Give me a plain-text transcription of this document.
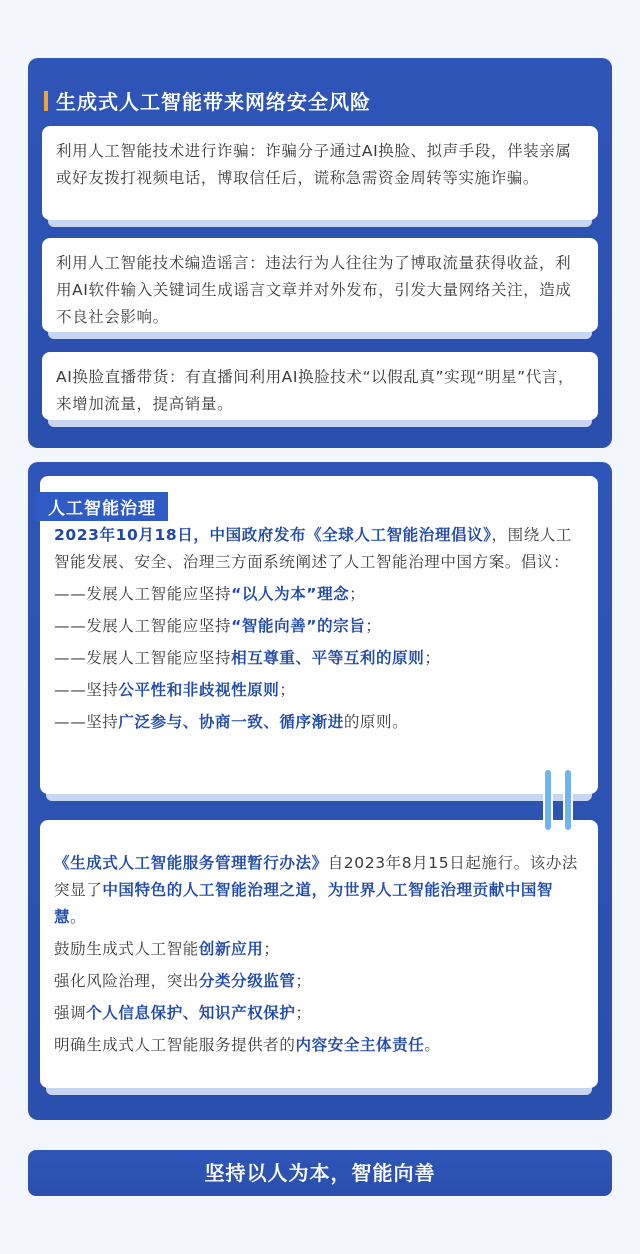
生成式人工智能带来网络安全风险
利用人工智能技术进行诈骗：诈骗分子通过AI换脸、拟声手段，伴装亲属或好友拨打视频电话，博取信任后，谎称急需资金周转等实施诈骗。
利用人工智能技术编造谣言：违法行为人往往为了博取流量获得收益，利用AI软件输入关键词生成谣言文章并对外发布，引发大量网络关注，造成不良社会影响。
AI换脸直播带货：有直播间利用AI换脸技术“以假乱真”实现“明星”代言，来增加流量，提高销量。
人工智能治理
2023年10月18日，中国政府发布《全球人工智能治理倡议》，围绕人工智能发展、安全、治理三方面系统阐述了人工智能治理中国方案。倡议：
——发展人工智能应坚持“以人为本”理念；
——发展人工智能应坚持“智能向善”的宗旨；
——发展人工智能应坚持相互尊重、平等互利的原则；
——坚持公平性和非歧视性原则；
——坚持广泛参与、协商一致、循序渐进的原则。
《生成式人工智能服务管理暂行办法》自2023年8月15日起施行。该办法突显了中国特色的人工智能治理之道，为世界人工智能治理贡献中国智慧。
鼓励生成式人工智能创新应用；
强化风险治理，突出分类分级监管；
强调个人信息保护、知识产权保护；
明确生成式人工智能服务提供者的内容安全主体责任。
坚持以人为本，智能向善
